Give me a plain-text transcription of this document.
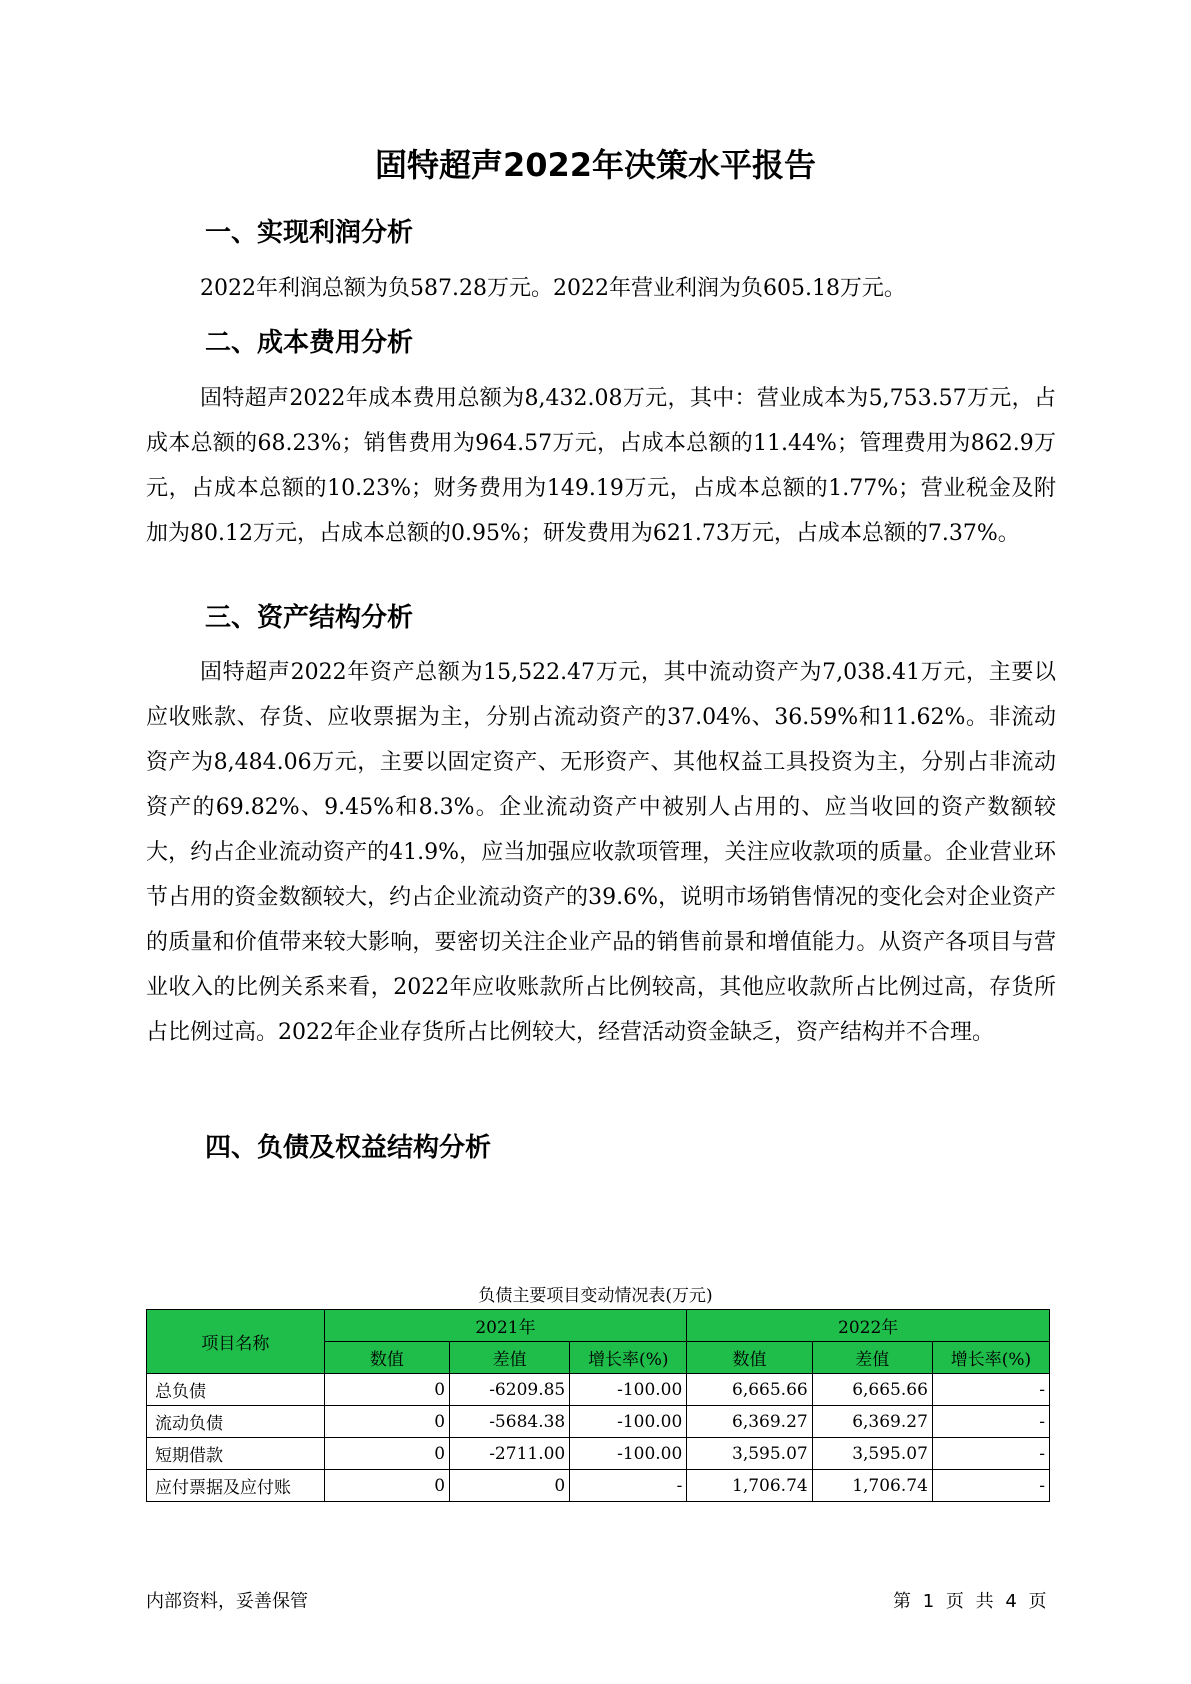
固特超声2022年决策水平报告
一、实现利润分析

2022年利润总额为负587.28万元。2022年营业利润为负605.18万元。

二、成本费用分析

固特超声2022年成本费用总额为8,432.08万元，其中：营业成本为5,753.57万元，占成本总额的68.23%；销售费用为964.57万元，占成本总额的11.44%；管理费用为862.9万元，占成本总额的10.23%；财务费用为149.19万元，占成本总额的1.77%；营业税金及附加为80.12万元，占成本总额的0.95%；研发费用为621.73万元，占成本总额的7.37%。

三、资产结构分析

固特超声2022年资产总额为15,522.47万元，其中流动资产为7,038.41万元，主要以应收账款、存货、应收票据为主，分别占流动资产的37.04%、36.59%和11.62%。非流动资产为8,484.06万元，主要以固定资产、无形资产、其他权益工具投资为主，分别占非流动资产的69.82%、9.45%和8.3%。企业流动资产中被别人占用的、应当收回的资产数额较大，约占企业流动资产的41.9%，应当加强应收款项管理，关注应收款项的质量。企业营业环节占用的资金数额较大，约占企业流动资产的39.6%，说明市场销售情况的变化会对企业资产的质量和价值带来较大影响，要密切关注企业产品的销售前景和增值能力。从资产各项目与营业收入的比例关系来看，2022年应收账款所占比例较高，其他应收款所占比例过高，存货所占比例过高。2022年企业存货所占比例较大，经营活动资金缺乏，资产结构并不合理。

四、负债及权益结构分析
负债主要项目变动情况表(万元)
项目名称	2021年			2022年		
	数值	差值	增长率(%)	数值	差值	增长率(%)
总负债	0	-6209.85	-100.00	6,665.66	6,665.66	-
流动负债	0	-5684.38	-100.00	6,369.27	6,369.27	-
短期借款	0	-2711.00	-100.00	3,595.07	3,595.07	-
应付票据及应付账	0	0	-	1,706.74	1,706.74	-
内部资料，妥善保管	第 1 页 共 4 页
